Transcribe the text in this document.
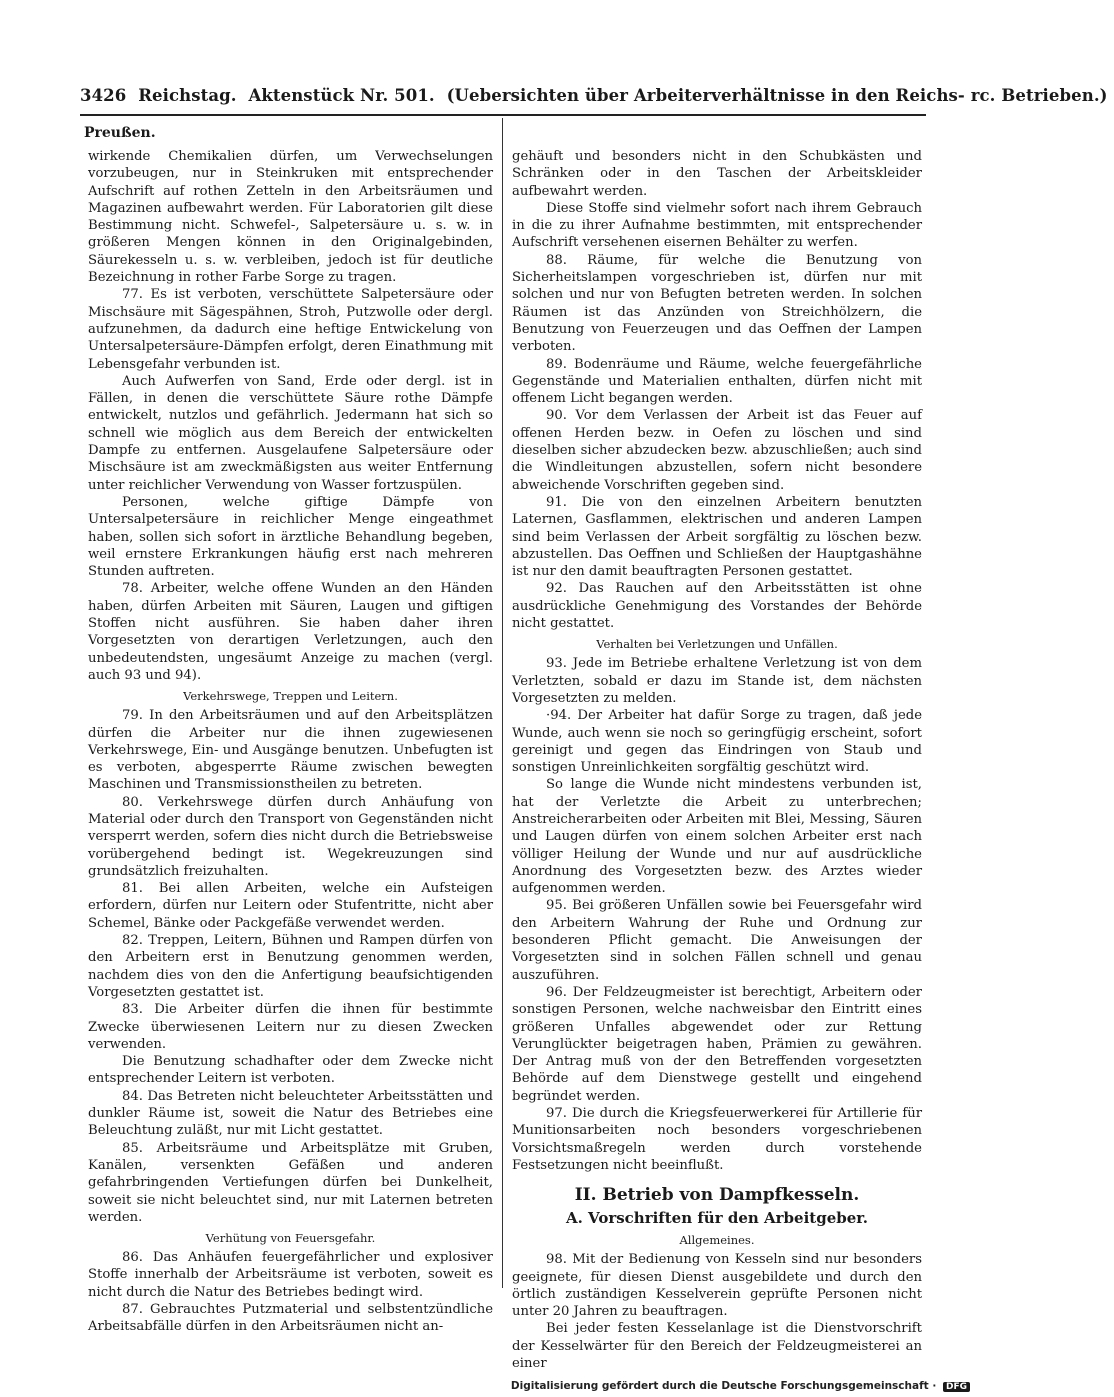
3426 Reichstag. Aktenstück Nr. 501. (Uebersichten über Arbeiterverhältnisse in den Reichs- rc. Betrieben.)
Preußen.

wirkende Chemikalien dürfen, um Verwechselungen vorzubeugen, nur in Steinkruken mit entsprechender Aufschrift auf rothen Zetteln in den Arbeitsräumen und Magazinen aufbewahrt werden. Für Laboratorien gilt diese Bestimmung nicht. Schwefel-, Salpetersäure u. s. w. in größeren Mengen können in den Originalgebinden, Säurekesseln u. s. w. verbleiben, jedoch ist für deutliche Bezeichnung in rother Farbe Sorge zu tragen.

77. Es ist verboten, verschüttete Salpetersäure oder Mischsäure mit Sägespähnen, Stroh, Putzwolle oder dergl. aufzunehmen, da dadurch eine heftige Entwickelung von Untersalpetersäure-Dämpfen erfolgt, deren Einathmung mit Lebensgefahr verbunden ist.

Auch Aufwerfen von Sand, Erde oder dergl. ist in Fällen, in denen die verschüttete Säure rothe Dämpfe entwickelt, nutzlos und gefährlich. Jedermann hat sich so schnell wie möglich aus dem Bereich der entwickelten Dampfe zu entfernen. Ausgelaufene Salpetersäure oder Mischsäure ist am zweckmäßigsten aus weiter Entfernung unter reichlicher Verwendung von Wasser fortzuspülen.

Personen, welche giftige Dämpfe von Untersalpetersäure in reichlicher Menge eingeathmet haben, sollen sich sofort in ärztliche Behandlung begeben, weil ernstere Erkrankungen häufig erst nach mehreren Stunden auftreten.

78. Arbeiter, welche offene Wunden an den Händen haben, dürfen Arbeiten mit Säuren, Laugen und giftigen Stoffen nicht ausführen. Sie haben daher ihren Vorgesetzten von derartigen Verletzungen, auch den unbedeutendsten, ungesäumt Anzeige zu machen (vergl. auch 93 und 94).

Verkehrswege, Treppen und Leitern.

79. In den Arbeitsräumen und auf den Arbeitsplätzen dürfen die Arbeiter nur die ihnen zugewiesenen Verkehrswege, Ein- und Ausgänge benutzen. Unbefugten ist es verboten, abgesperrte Räume zwischen bewegten Maschinen und Transmissionstheilen zu betreten.

80. Verkehrswege dürfen durch Anhäufung von Material oder durch den Transport von Gegenständen nicht versperrt werden, sofern dies nicht durch die Betriebsweise vorübergehend bedingt ist. Wegekreuzungen sind grundsätzlich freizuhalten.

81. Bei allen Arbeiten, welche ein Aufsteigen erfordern, dürfen nur Leitern oder Stufentritte, nicht aber Schemel, Bänke oder Packgefäße verwendet werden.

82. Treppen, Leitern, Bühnen und Rampen dürfen von den Arbeitern erst in Benutzung genommen werden, nachdem dies von den die Anfertigung beaufsichtigenden Vorgesetzten gestattet ist.

83. Die Arbeiter dürfen die ihnen für bestimmte Zwecke überwiesenen Leitern nur zu diesen Zwecken verwenden.

Die Benutzung schadhafter oder dem Zwecke nicht entsprechender Leitern ist verboten.

84. Das Betreten nicht beleuchteter Arbeitsstätten und dunkler Räume ist, soweit die Natur des Betriebes eine Beleuchtung zuläßt, nur mit Licht gestattet.

85. Arbeitsräume und Arbeitsplätze mit Gruben, Kanälen, versenkten Gefäßen und anderen gefahrbringenden Vertiefungen dürfen bei Dunkelheit, soweit sie nicht beleuchtet sind, nur mit Laternen betreten werden.

Verhütung von Feuersgefahr.

86. Das Anhäufen feuergefährlicher und explosiver Stoffe innerhalb der Arbeitsräume ist verboten, soweit es nicht durch die Natur des Betriebes bedingt wird.

87. Gebrauchtes Putzmaterial und selbstentzündliche Arbeitsabfälle dürfen in den Arbeitsräumen nicht an-

gehäuft und besonders nicht in den Schubkästen und Schränken oder in den Taschen der Arbeitskleider aufbewahrt werden.

Diese Stoffe sind vielmehr sofort nach ihrem Gebrauch in die zu ihrer Aufnahme bestimmten, mit entsprechender Aufschrift versehenen eisernen Behälter zu werfen.

88. Räume, für welche die Benutzung von Sicherheitslampen vorgeschrieben ist, dürfen nur mit solchen und nur von Befugten betreten werden. In solchen Räumen ist das Anzünden von Streichhölzern, die Benutzung von Feuerzeugen und das Oeffnen der Lampen verboten.

89. Bodenräume und Räume, welche feuergefährliche Gegenstände und Materialien enthalten, dürfen nicht mit offenem Licht begangen werden.

90. Vor dem Verlassen der Arbeit ist das Feuer auf offenen Herden bezw. in Oefen zu löschen und sind dieselben sicher abzudecken bezw. abzuschließen; auch sind die Windleitungen abzustellen, sofern nicht besondere abweichende Vorschriften gegeben sind.

91. Die von den einzelnen Arbeitern benutzten Laternen, Gasflammen, elektrischen und anderen Lampen sind beim Verlassen der Arbeit sorgfältig zu löschen bezw. abzustellen. Das Oeffnen und Schließen der Hauptgashähne ist nur den damit beauftragten Personen gestattet.

92. Das Rauchen auf den Arbeitsstätten ist ohne ausdrückliche Genehmigung des Vorstandes der Behörde nicht gestattet.

Verhalten bei Verletzungen und Unfällen.

93. Jede im Betriebe erhaltene Verletzung ist von dem Verletzten, sobald er dazu im Stande ist, dem nächsten Vorgesetzten zu melden.

·94. Der Arbeiter hat dafür Sorge zu tragen, daß jede Wunde, auch wenn sie noch so geringfügig erscheint, sofort gereinigt und gegen das Eindringen von Staub und sonstigen Unreinlichkeiten sorgfältig geschützt wird.

So lange die Wunde nicht mindestens verbunden ist, hat der Verletzte die Arbeit zu unterbrechen; Anstreicherarbeiten oder Arbeiten mit Blei, Messing, Säuren und Laugen dürfen von einem solchen Arbeiter erst nach völliger Heilung der Wunde und nur auf ausdrückliche Anordnung des Vorgesetzten bezw. des Arztes wieder aufgenommen werden.

95. Bei größeren Unfällen sowie bei Feuersgefahr wird den Arbeitern Wahrung der Ruhe und Ordnung zur besonderen Pflicht gemacht. Die Anweisungen der Vorgesetzten sind in solchen Fällen schnell und genau auszuführen.

96. Der Feldzeugmeister ist berechtigt, Arbeitern oder sonstigen Personen, welche nachweisbar den Eintritt eines größeren Unfalles abgewendet oder zur Rettung Verunglückter beigetragen haben, Prämien zu gewähren. Der Antrag muß von der den Betreffenden vorgesetzten Behörde auf dem Dienstwege gestellt und eingehend begründet werden.

97. Die durch die Kriegsfeuerwerkerei für Artillerie für Munitionsarbeiten noch besonders vorgeschriebenen Vorsichtsmaßregeln werden durch vorstehende Festsetzungen nicht beeinflußt.

II. Betrieb von Dampfkesseln.
A. Vorschriften für den Arbeitgeber.
Allgemeines.

98. Mit der Bedienung von Kesseln sind nur besonders geeignete, für diesen Dienst ausgebildete und durch den örtlich zuständigen Kesselverein geprüfte Personen nicht unter 20 Jahren zu beauftragen.

Bei jeder festen Kesselanlage ist die Dienstvorschrift der Kesselwärter für den Bereich der Feldzeugmeisterei an einer

Digitalisierung gefördert durch die Deutsche Forschungsgemeinschaft · DFG
